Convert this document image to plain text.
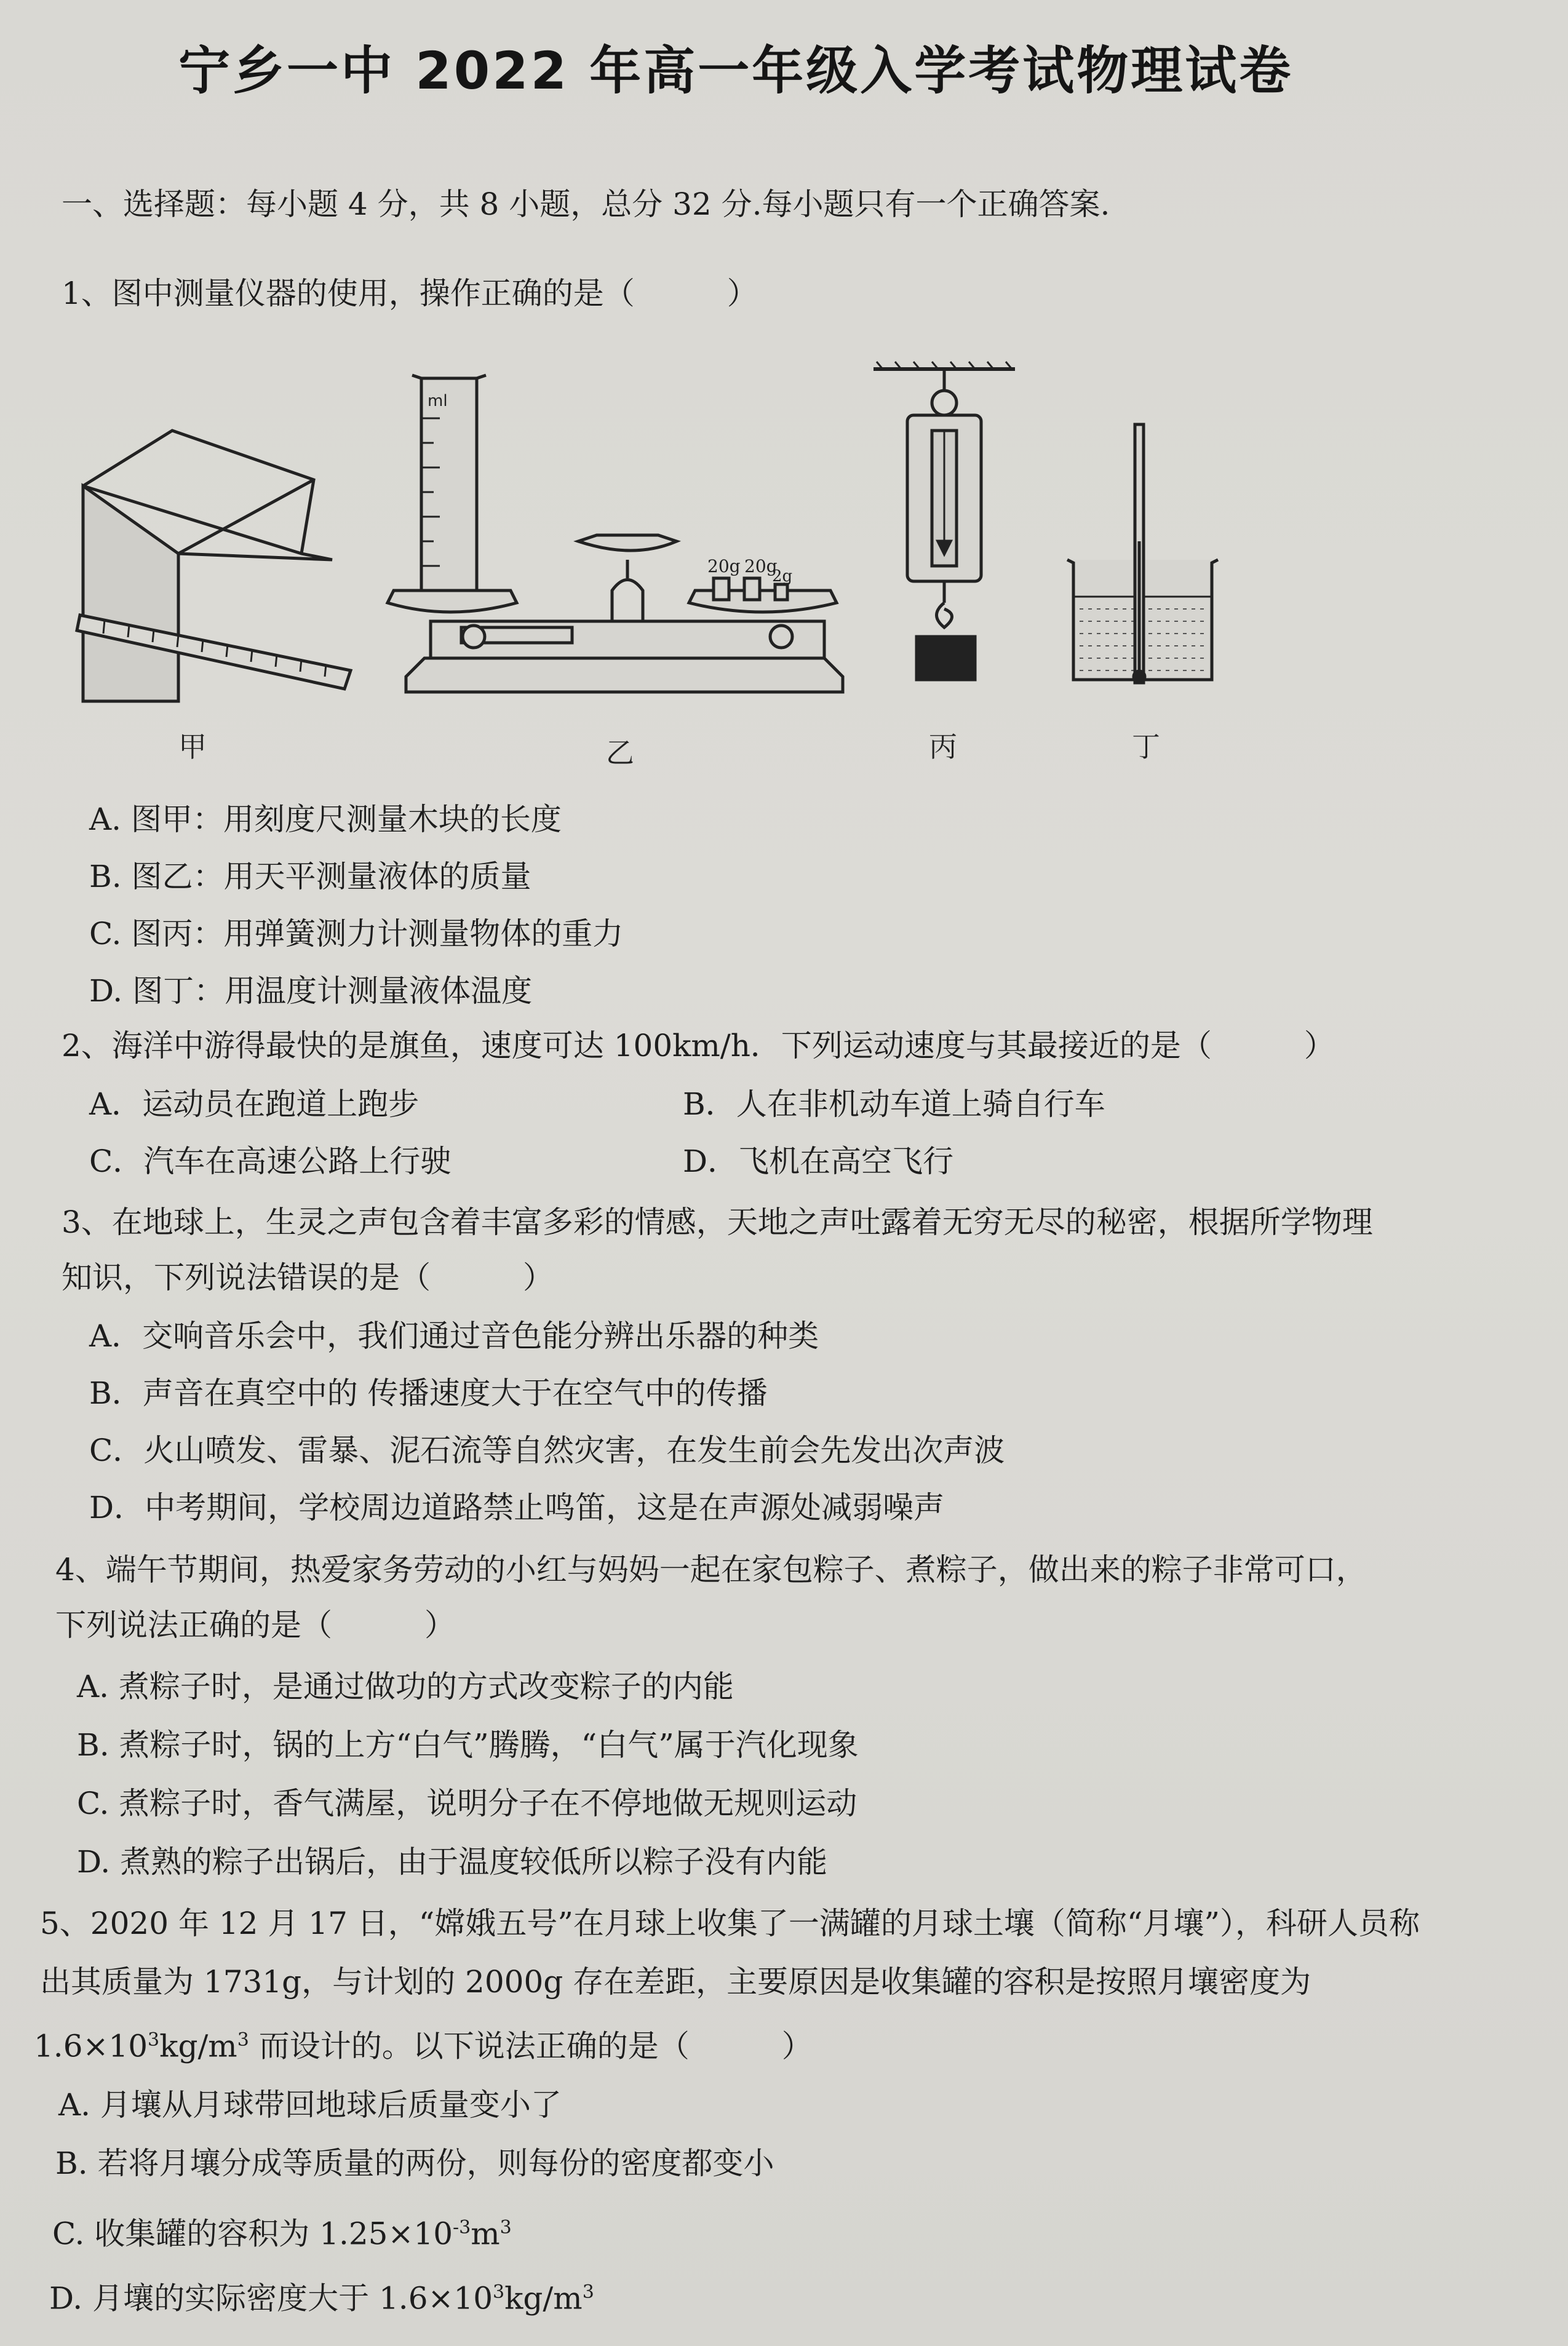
宁乡一中 2022 年高一年级入学考试物理试卷
一、选择题：每小题 4 分，共 8 小题，总分 32 分.每小题只有一个正确答案.
1、图中测量仪器的使用，操作正确的是（　　　）
ml
20g 20g
2g
甲	乙	丙	丁
A. 图甲：用刻度尺测量木块的长度
B. 图乙：用天平测量液体的质量
C. 图丙：用弹簧测力计测量物体的重力
D. 图丁：用温度计测量液体温度
2、海洋中游得最快的是旗鱼，速度可达 100km/h．下列运动速度与其最接近的是（　　　）
A．运动员在跑道上跑步	B．人在非机动车道上骑自行车
C．汽车在高速公路上行驶	D．飞机在高空飞行
3、在地球上，生灵之声包含着丰富多彩的情感，天地之声吐露着无穷无尽的秘密，根据所学物理
知识，下列说法错误的是（　　　）
A．交响音乐会中，我们通过音色能分辨出乐器的种类
B．声音在真空中的 传播速度大于在空气中的传播
C．火山喷发、雷暴、泥石流等自然灾害，在发生前会先发出次声波
D．中考期间，学校周边道路禁止鸣笛，这是在声源处减弱噪声
4、端午节期间，热爱家务劳动的小红与妈妈一起在家包粽子、煮粽子，做出来的粽子非常可口，
下列说法正确的是（　　　）
A. 煮粽子时，是通过做功的方式改变粽子的内能
B. 煮粽子时，锅的上方“白气”腾腾，“白气”属于汽化现象
C. 煮粽子时，香气满屋，说明分子在不停地做无规则运动
D. 煮熟的粽子出锅后，由于温度较低所以粽子没有内能
5、2020 年 12 月 17 日，“嫦娥五号”在月球上收集了一满罐的月球土壤（简称“月壤”），科研人员称
出其质量为 1731g，与计划的 2000g 存在差距，主要原因是收集罐的容积是按照月壤密度为
$1.6\times 10^3kg/m^3$ 而设计的。以下说法正确的是（　　　）
A. 月壤从月球带回地球后质量变小了
B. 若将月壤分成等质量的两份，则每份的密度都变小
C. 收集罐的容积为 $1.25\times 10^{-3}m^3$
D. 月壤的实际密度大于 $1.6\times 10^3kg/m^3$
